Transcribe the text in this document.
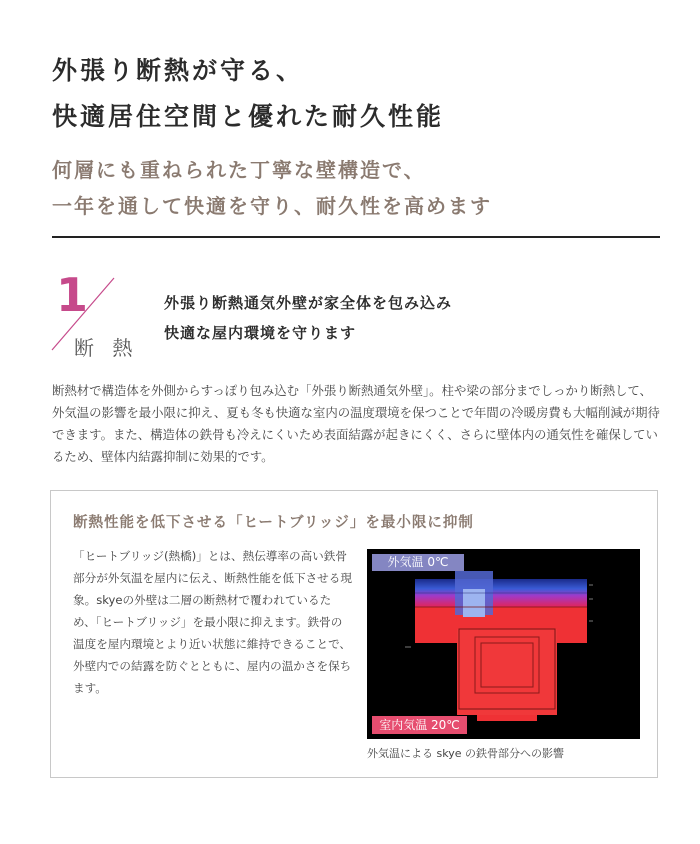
外張り断熱が守る、
快適居住空間と優れた耐久性能
何層にも重ねられた丁寧な壁構造で、
一年を通して快適を守り、耐久性を高めます
1
断 熱
外張り断熱通気外壁が家全体を包み込み
快適な屋内環境を守ります

断熱材で構造体を外側からすっぽり包み込む「外張り断熱通気外壁」。柱や梁の部分までしっかり断熱して、外気温の影響を最小限に抑え、夏も冬も快適な室内の温度環境を保つことで年間の冷暖房費も大幅削減が期待できます。また、構造体の鉄骨も冷えにくいため表面結露が起きにくく、さらに壁体内の通気性を確保しているため、壁体内結露抑制に効果的です。

断熱性能を低下させる「ヒートブリッジ」を最小限に抑制

「ヒートブリッジ(熱橋)」とは、熱伝導率の高い鉄骨部分が外気温を屋内に伝え、断熱性能を低下させる現象。skyeの外壁は二層の断熱材で覆われているため、「ヒートブリッジ」を最小限に抑えます。鉄骨の温度を屋内環境とより近い状態に維持できることで、外壁内での結露を防ぐとともに、屋内の温かさを保ちます。

外気温 0℃
室内気温 20℃

外気温による skye の鉄骨部分への影響
